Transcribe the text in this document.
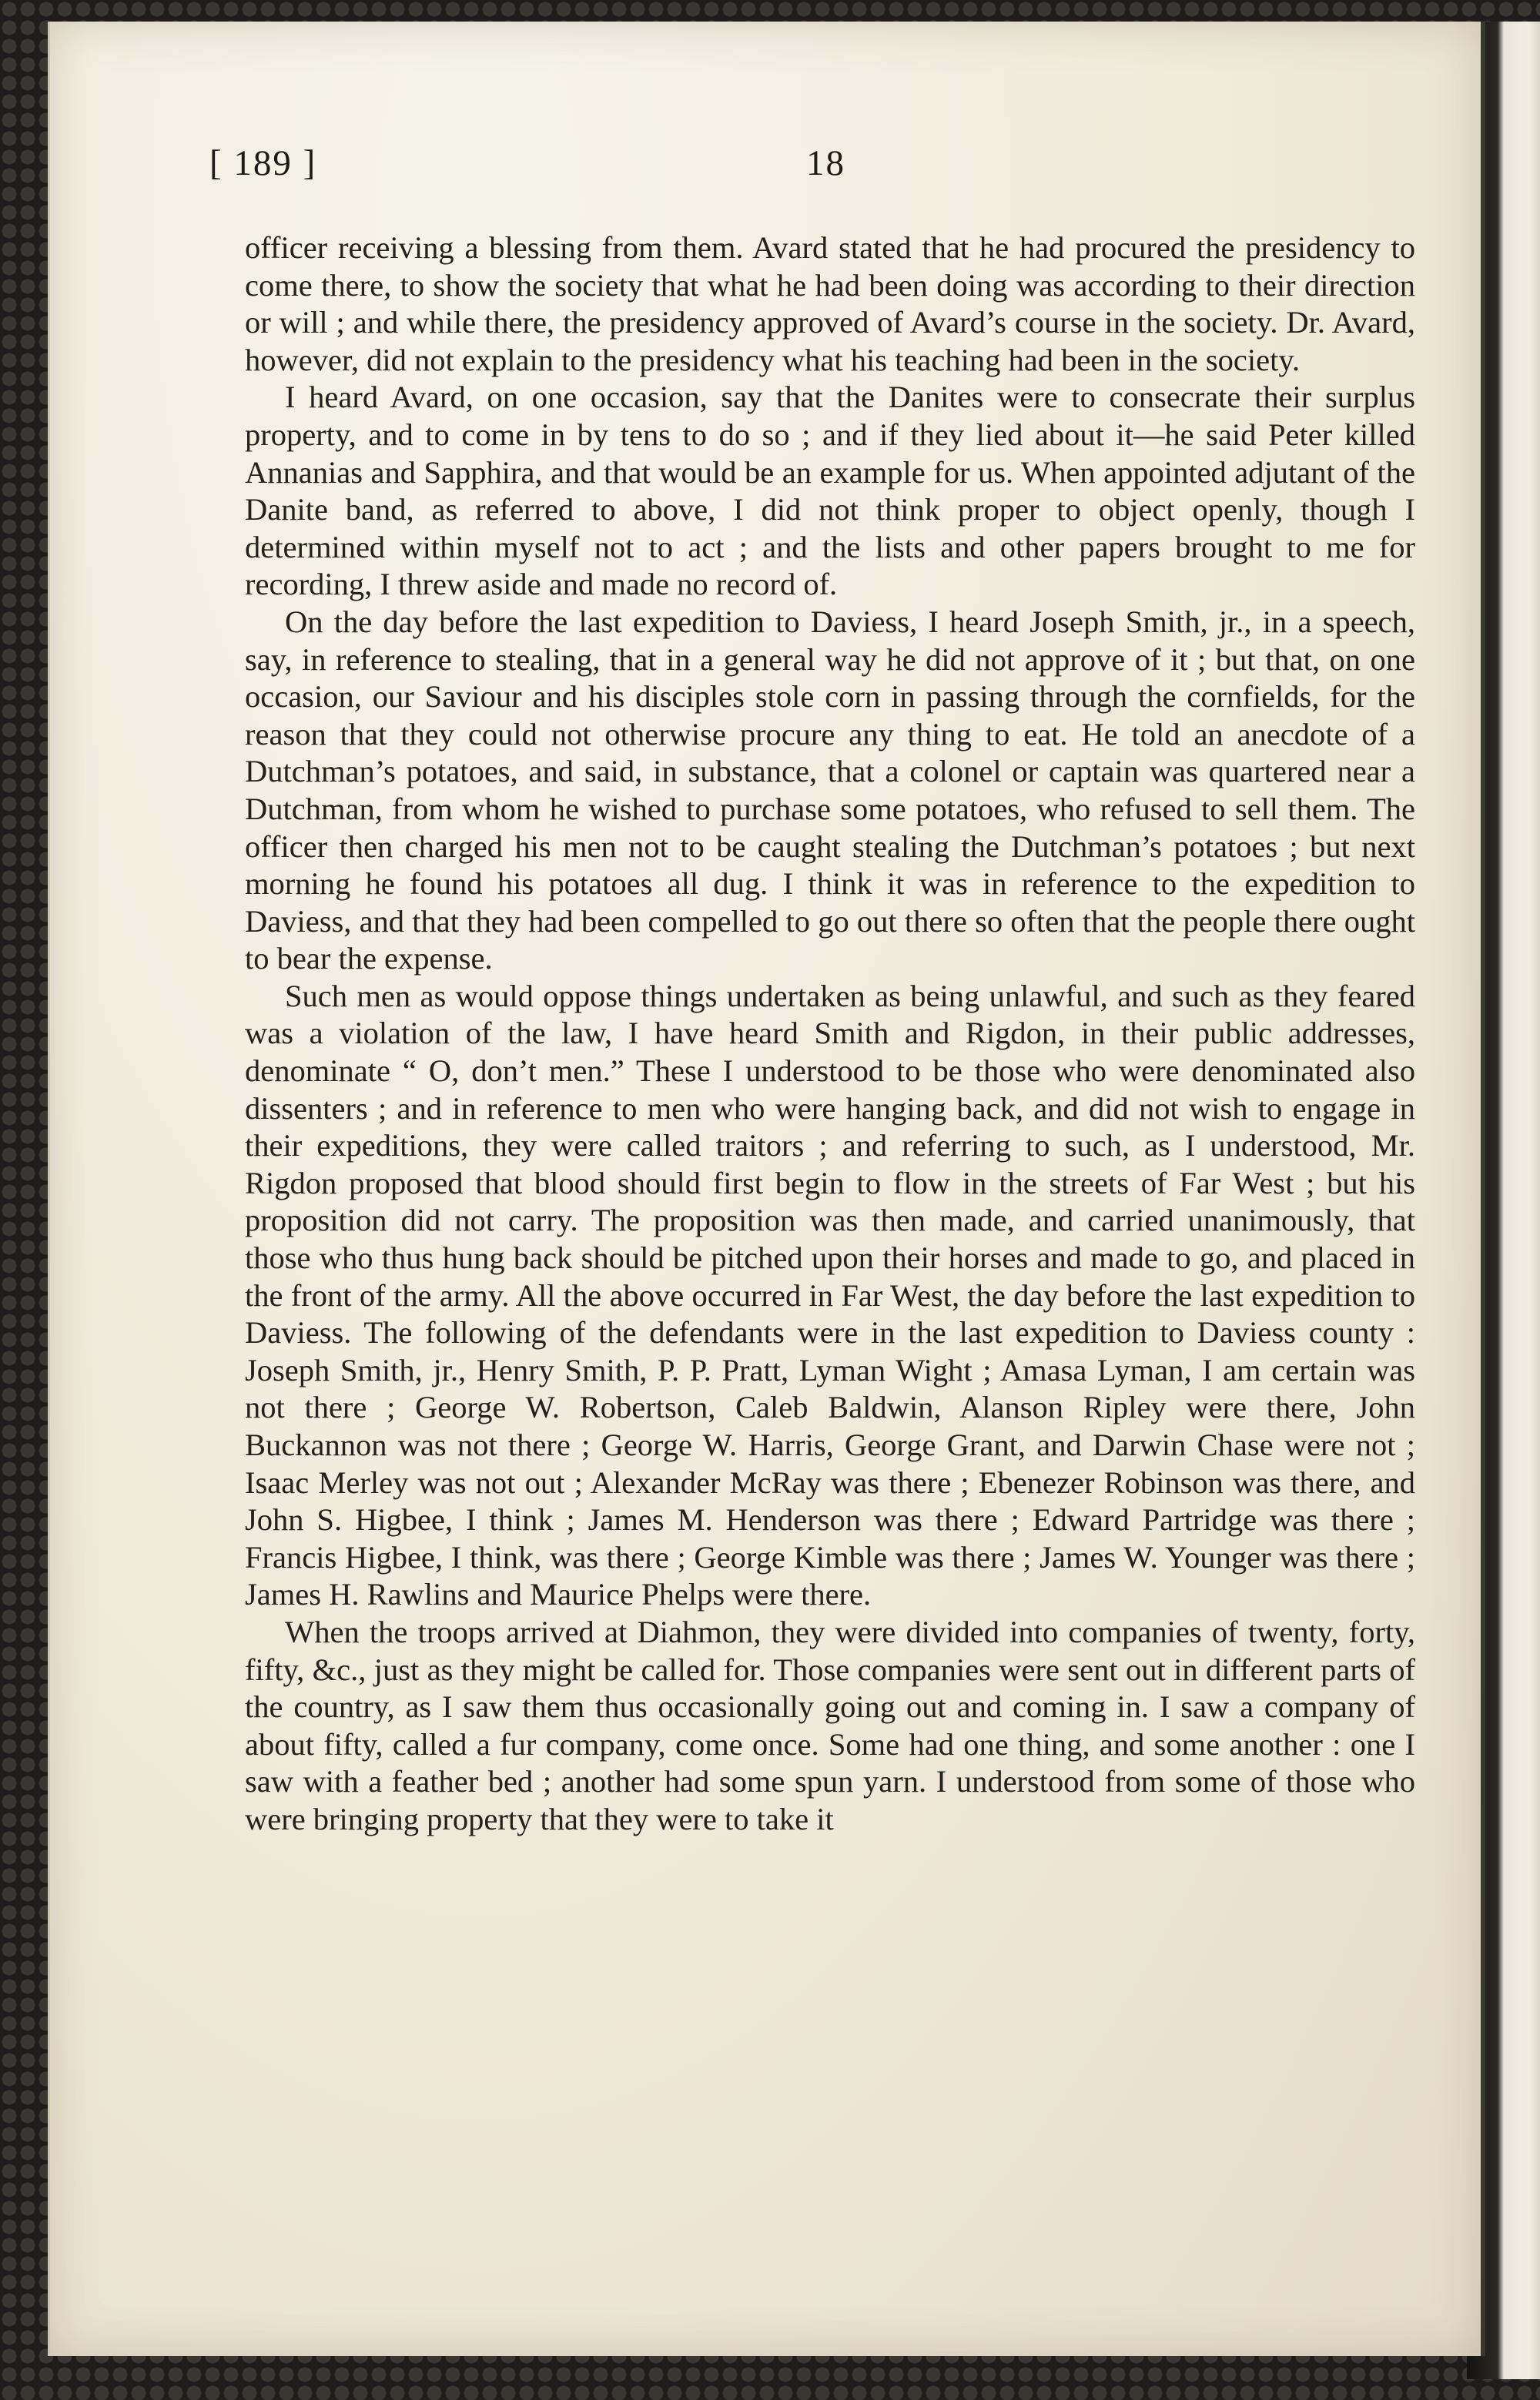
[ 189 ]	18

officer receiving a blessing from them. Avard stated that he had procured the presidency to come there, to show the society that what he had been doing was according to their direction or will ; and while there, the presidency approved of Avard’s course in the society. Dr. Avard, however, did not explain to the presidency what his teaching had been in the society.

I heard Avard, on one occasion, say that the Danites were to consecrate their surplus property, and to come in by tens to do so ; and if they lied about it—he said Peter killed Annanias and Sapphira, and that would be an example for us. When appointed adjutant of the Danite band, as referred to above, I did not think proper to object openly, though I determined within myself not to act ; and the lists and other papers brought to me for recording, I threw aside and made no record of.

On the day before the last expedition to Daviess, I heard Joseph Smith, jr., in a speech, say, in reference to stealing, that in a general way he did not approve of it ; but that, on one occasion, our Saviour and his disciples stole corn in passing through the cornfields, for the reason that they could not otherwise procure any thing to eat. He told an anecdote of a Dutchman’s potatoes, and said, in substance, that a colonel or captain was quartered near a Dutchman, from whom he wished to purchase some potatoes, who refused to sell them. The officer then charged his men not to be caught stealing the Dutchman’s potatoes ; but next morning he found his potatoes all dug. I think it was in reference to the expedition to Daviess, and that they had been compelled to go out there so often that the people there ought to bear the expense.

Such men as would oppose things undertaken as being unlawful, and such as they feared was a violation of the law, I have heard Smith and Rigdon, in their public addresses, denominate “ O, don’t men.” These I understood to be those who were denominated also dissenters ; and in reference to men who were hanging back, and did not wish to engage in their expeditions, they were called traitors ; and referring to such, as I understood, Mr. Rigdon proposed that blood should first begin to flow in the streets of Far West ; but his proposition did not carry. The proposition was then made, and carried unanimously, that those who thus hung back should be pitched upon their horses and made to go, and placed in the front of the army. All the above occurred in Far West, the day before the last expedition to Daviess. The following of the defendants were in the last expedition to Daviess county : Joseph Smith, jr., Henry Smith, P. P. Pratt, Lyman Wight ; Amasa Lyman, I am certain was not there ; George W. Robertson, Caleb Baldwin, Alanson Ripley were there, John Buckannon was not there ; George W. Harris, George Grant, and Darwin Chase were not ; Isaac Merley was not out ; Alexander McRay was there ; Ebenezer Robinson was there, and John S. Higbee, I think ; James M. Henderson was there ; Edward Partridge was there ; Francis Higbee, I think, was there ; George Kimble was there ; James W. Younger was there ; James H. Rawlins and Maurice Phelps were there.

When the troops arrived at Diahmon, they were divided into companies of twenty, forty, fifty, &c., just as they might be called for. Those companies were sent out in different parts of the country, as I saw them thus occasionally going out and coming in. I saw a company of about fifty, called a fur company, come once. Some had one thing, and some another : one I saw with a feather bed ; another had some spun yarn. I understood from some of those who were bringing property that they were to take it
